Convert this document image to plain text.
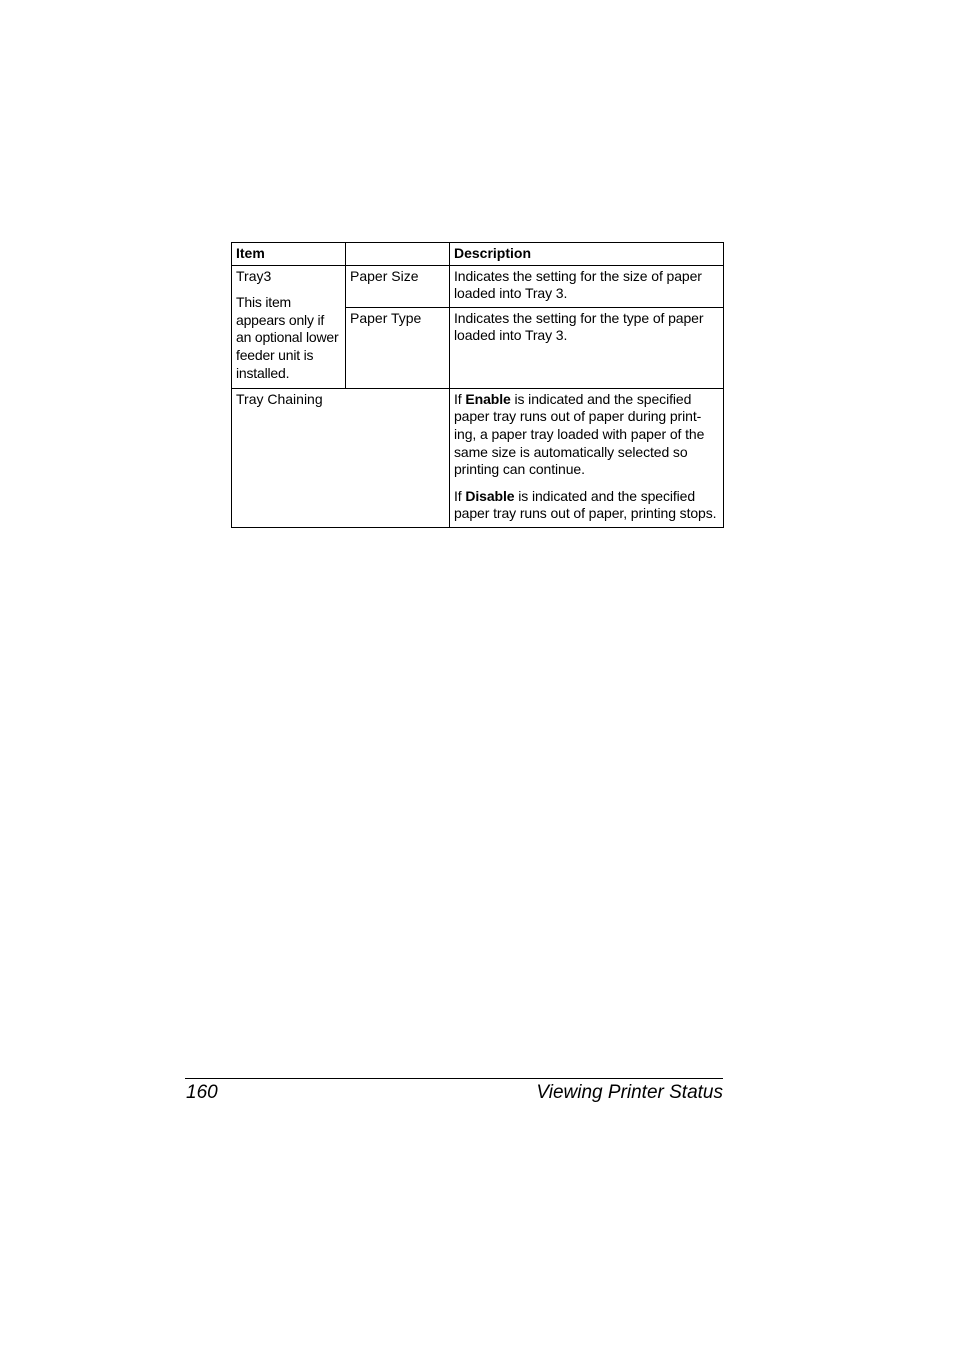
Item		Description

Tray3
This item appears only if an optional lower feeder unit is installed.	Paper Size	Indicates the setting for the size of paper loaded into Tray 3.
	Paper Type	Indicates the setting for the type of paper loaded into Tray 3.
Tray Chaining		If Enable is indicated and the specified paper tray runs out of paper during print-ing, a paper tray loaded with paper of the same size is automatically selected so printing can continue.
If Disable is indicated and the specified paper tray runs out of paper, printing stops.
160	Viewing Printer Status
